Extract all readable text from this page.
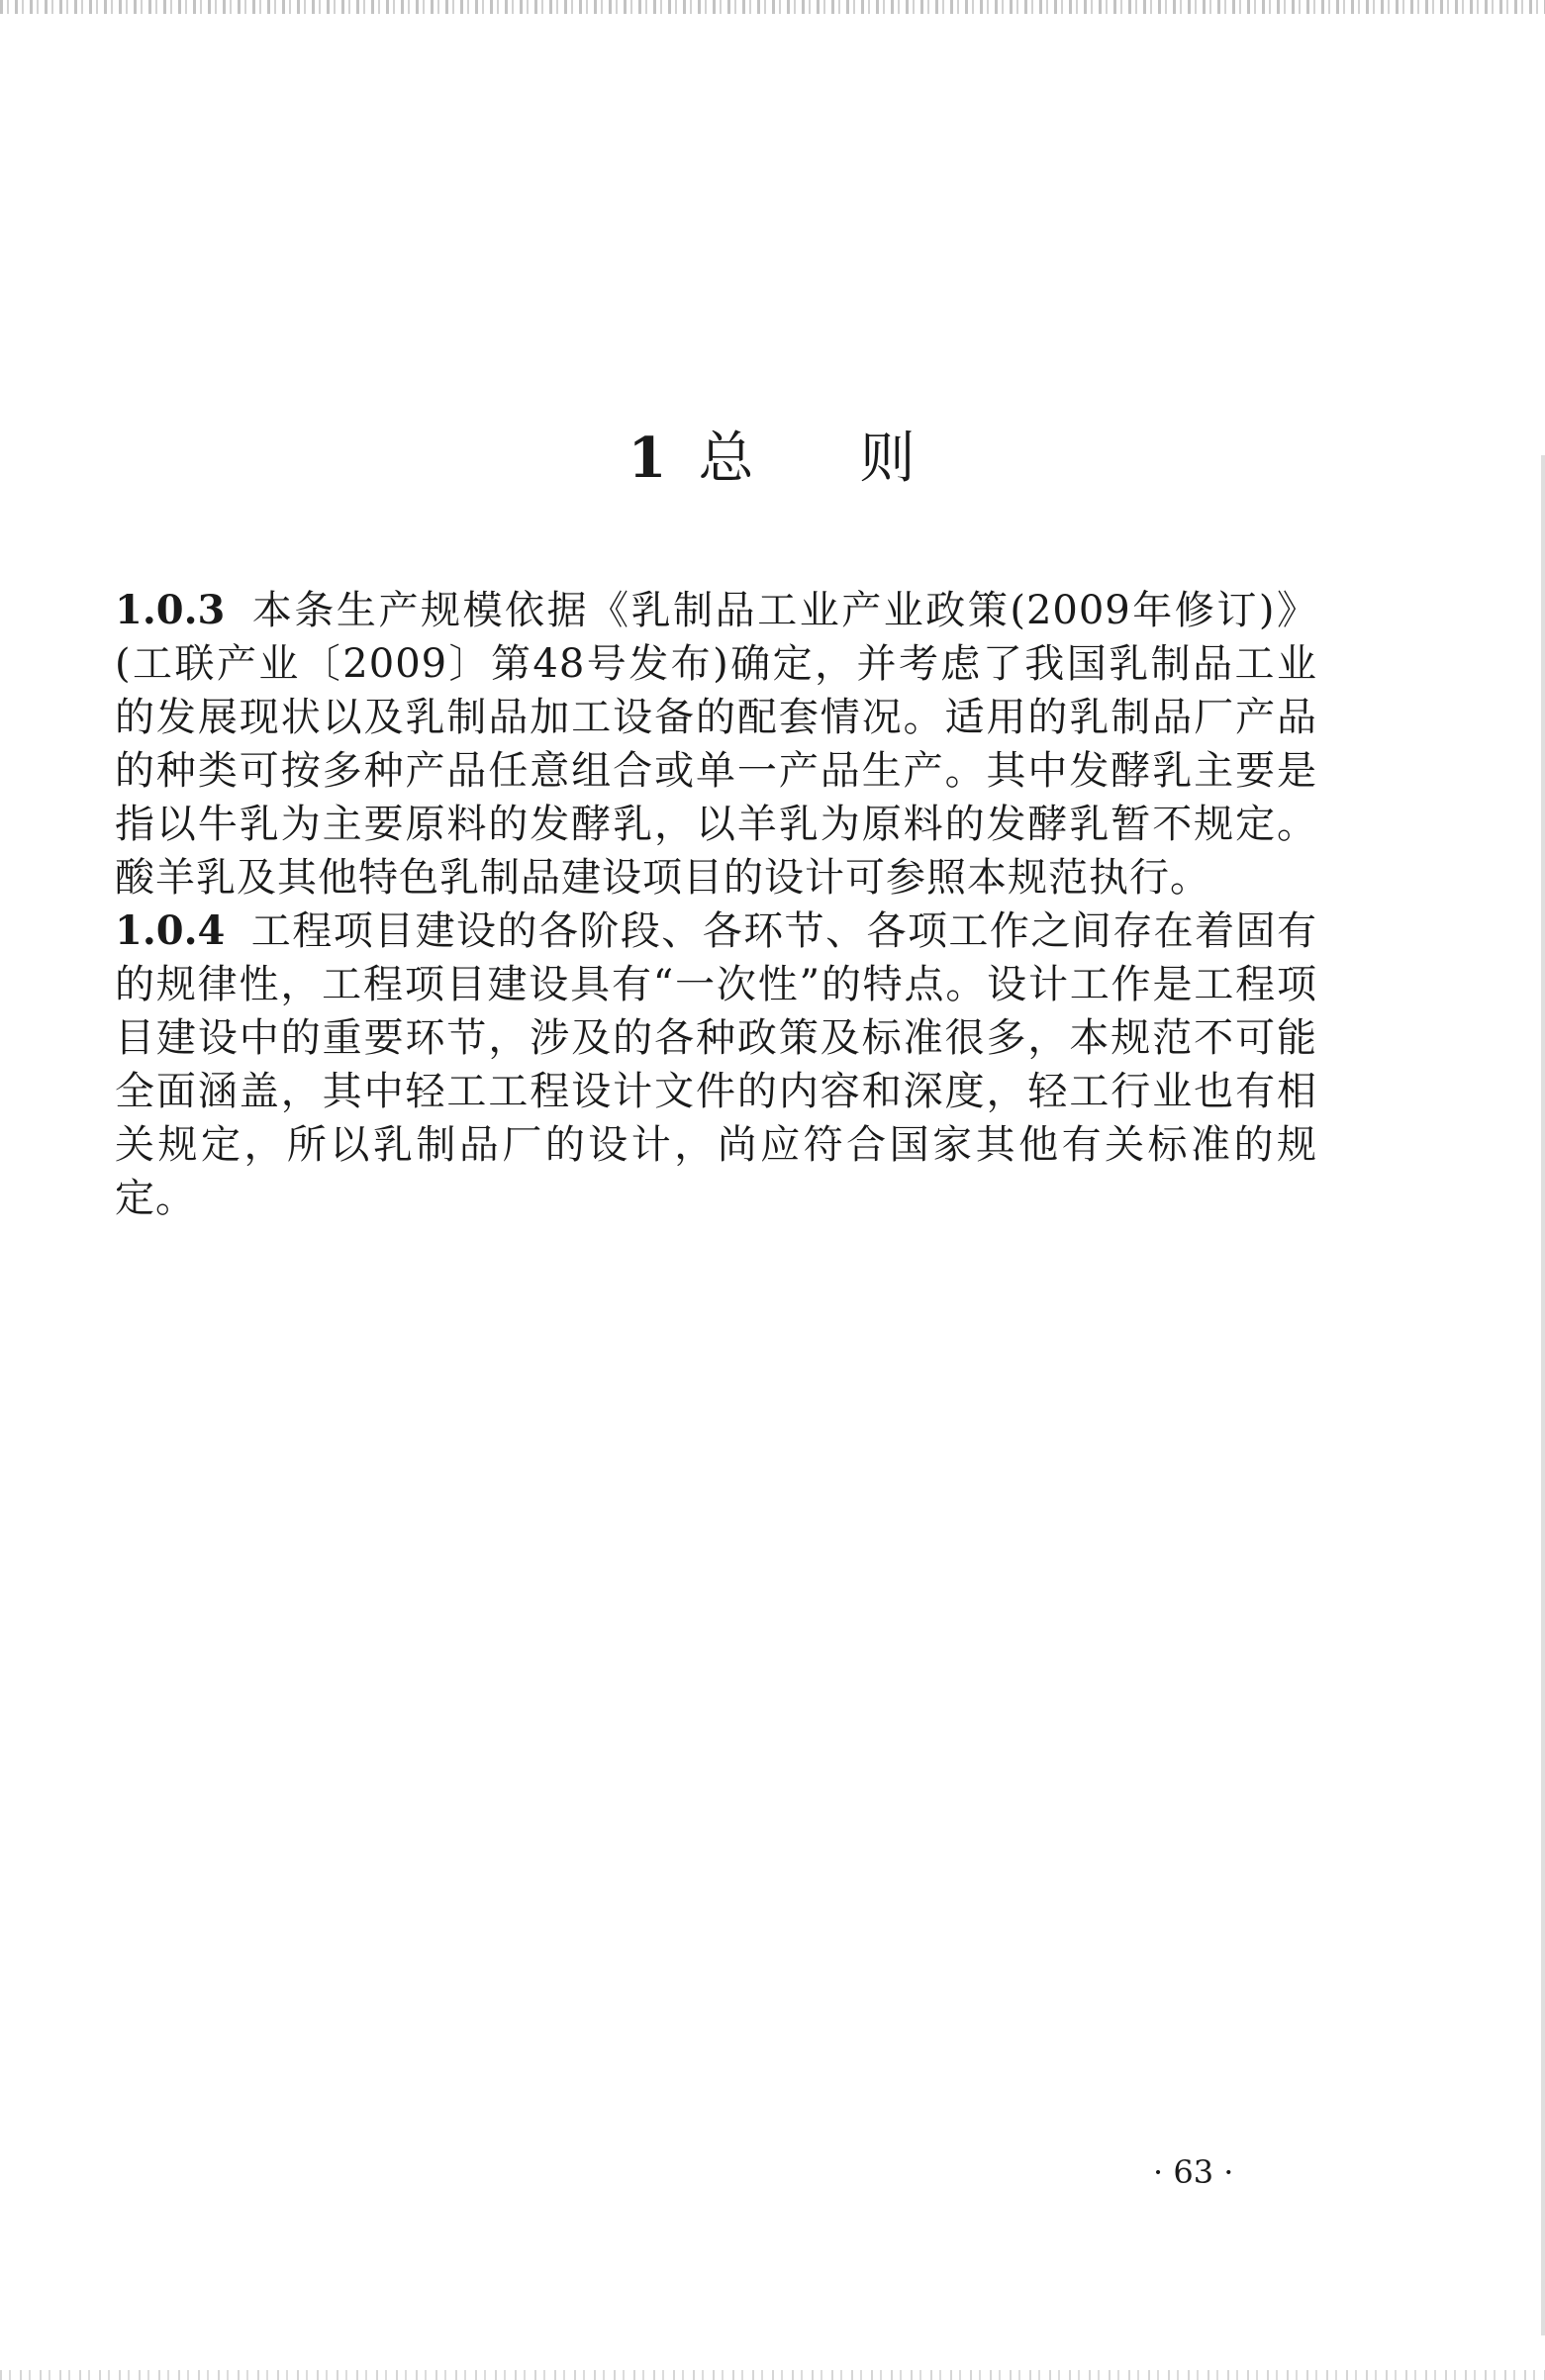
1 总 则

1.0.3 本条生产规模依据《乳制品工业产业政策(2009年修订)》(工联产业〔2009〕第48号发布)确定，并考虑了我国乳制品工业的发展现状以及乳制品加工设备的配套情况。适用的乳制品厂产品的种类可按多种产品任意组合或单一产品生产。其中发酵乳主要是指以牛乳为主要原料的发酵乳，以羊乳为原料的发酵乳暂不规定。酸羊乳及其他特色乳制品建设项目的设计可参照本规范执行。

1.0.4 工程项目建设的各阶段、各环节、各项工作之间存在着固有的规律性，工程项目建设具有“一次性”的特点。设计工作是工程项目建设中的重要环节，涉及的各种政策及标准很多，本规范不可能全面涵盖，其中轻工工程设计文件的内容和深度，轻工行业也有相关规定，所以乳制品厂的设计，尚应符合国家其他有关标准的规定。

· 63 ·
